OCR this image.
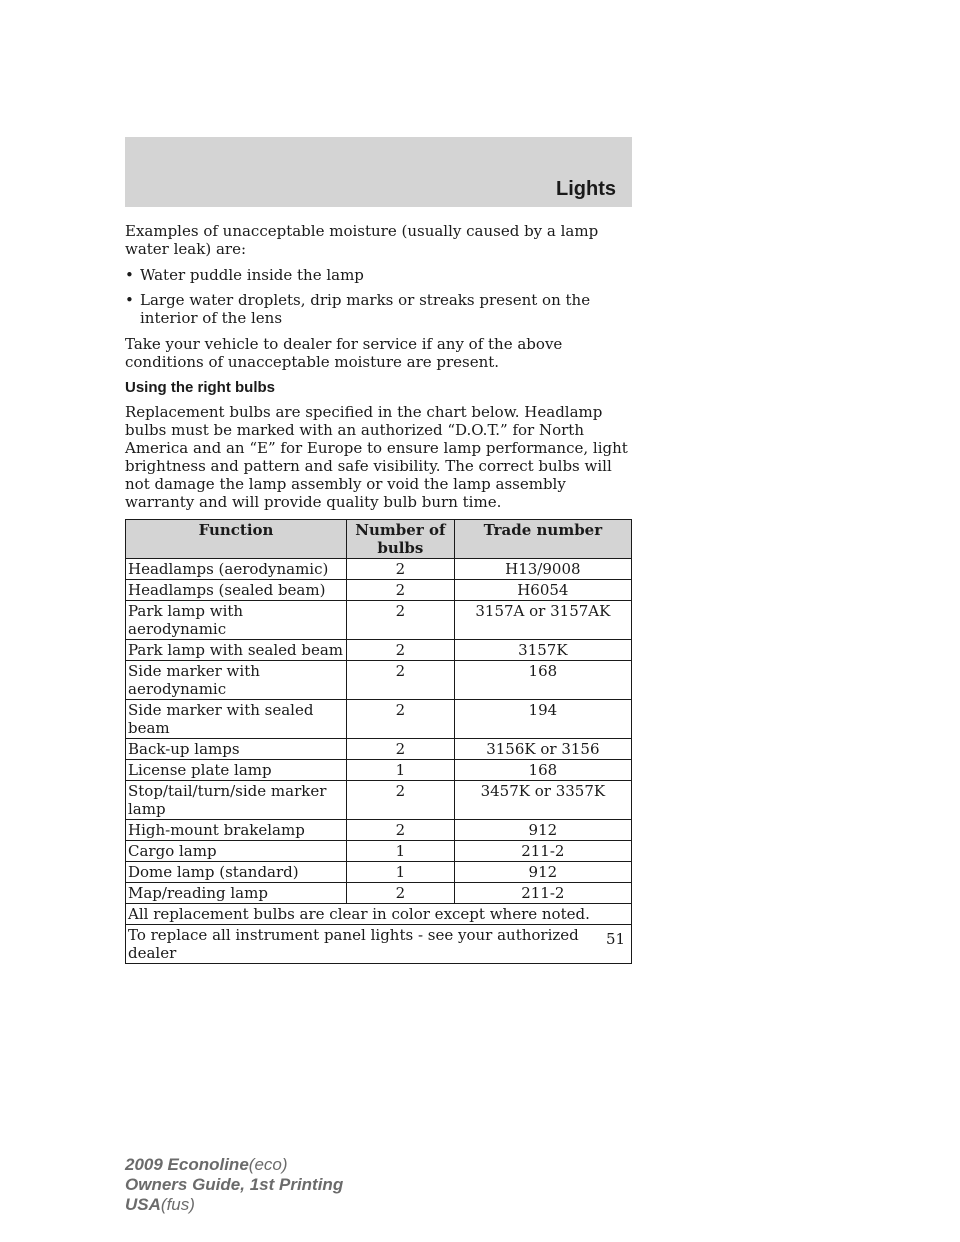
Lights

Examples of unacceptable moisture (usually caused by a lamp water leak) are:

• Water puddle inside the lamp
• Large water droplets, drip marks or streaks present on the interior of the lens

Take your vehicle to dealer for service if any of the above conditions of unacceptable moisture are present.

Using the right bulbs

Replacement bulbs are specified in the chart below. Headlamp bulbs must be marked with an authorized “D.O.T.” for North America and an “E” for Europe to ensure lamp performance, light brightness and pattern and safe visibility. The correct bulbs will not damage the lamp assembly or void the lamp assembly warranty and will provide quality bulb burn time.

Function	Number of bulbs	Trade number
Headlamps (aerodynamic)	2	H13/9008
Headlamps (sealed beam)	2	H6054
Park lamp with aerodynamic	2	3157A or 3157AK
Park lamp with sealed beam	2	3157K
Side marker with aerodynamic	2	168
Side marker with sealed beam	2	194
Back-up lamps	2	3156K or 3156
License plate lamp	1	168
Stop/tail/turn/side marker lamp	2	3457K or 3357K
High-mount brakelamp	2	912
Cargo lamp	1	211-2
Dome lamp (standard)	1	912
Map/reading lamp	2	211-2
All replacement bulbs are clear in color except where noted.		
To replace all instrument panel lights - see your authorized dealer		
51
2009 Econoline(eco)
Owners Guide, 1st Printing
USA(fus)
